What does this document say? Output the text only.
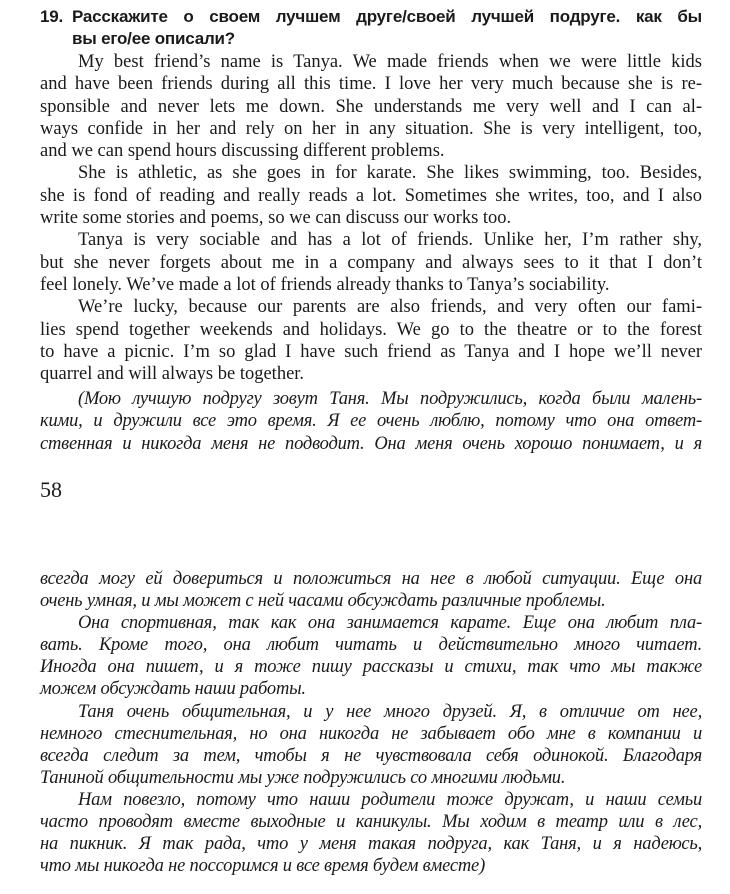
19. Расскажите о своем лучшем друге/своей лучшей подруге. как бы
вы его/ее описали?
My best friend’s name is Tanya. We made friends when we were little kids
and have been friends during all this time. I love her very much because she is re-
sponsible and never lets me down. She understands me very well and I can al-
ways confide in her and rely on her in any situation. She is very intelligent, too,
and we can spend hours discussing different problems.
She is athletic, as she goes in for karate. She likes swimming, too. Besides,
she is fond of reading and really reads a lot. Sometimes she writes, too, and I also
write some stories and poems, so we can discuss our works too.
Tanya is very sociable and has a lot of friends. Unlike her, I’m rather shy,
but she never forgets about me in a company and always sees to it that I don’t
feel lonely. We’ve made a lot of friends already thanks to Tanya’s sociability.
We’re lucky, because our parents are also friends, and very often our fami-
lies spend together weekends and holidays. We go to the theatre or to the forest
to have a picnic. I’m so glad I have such friend as Tanya and I hope we’ll never
quarrel and will always be together.
(Мою лучшую подругу зовут Таня. Мы подружились, когда были малень-
кими, и дружили все это время. Я ее очень люблю, потому что она ответ-
ственная и никогда меня не подводит. Она меня очень хорошо понимает, и я
58
всегда могу ей довериться и положиться на нее в любой ситуации. Еще она
очень умная, и мы может с ней часами обсуждать различные проблемы.
Она спортивная, так как она занимается карате. Еще она любит пла-
вать. Кроме того, она любит читать и действительно много читает.
Иногда она пишет, и я тоже пишу рассказы и стихи, так что мы также
можем обсуждать наши работы.
Таня очень общительная, и у нее много друзей. Я, в отличие от нее,
немного стеснительная, но она никогда не забывает обо мне в компании и
всегда следит за тем, чтобы я не чувствовала себя одинокой. Благодаря
Таниной общительности мы уже подружились со многими людьми.
Нам повезло, потому что наши родители тоже дружат, и наши семьи
часто проводят вместе выходные и каникулы. Мы ходим в театр или в лес,
на пикник. Я так рада, что у меня такая подруга, как Таня, и я надеюсь,
что мы никогда не поссоримся и все время будем вместе)
